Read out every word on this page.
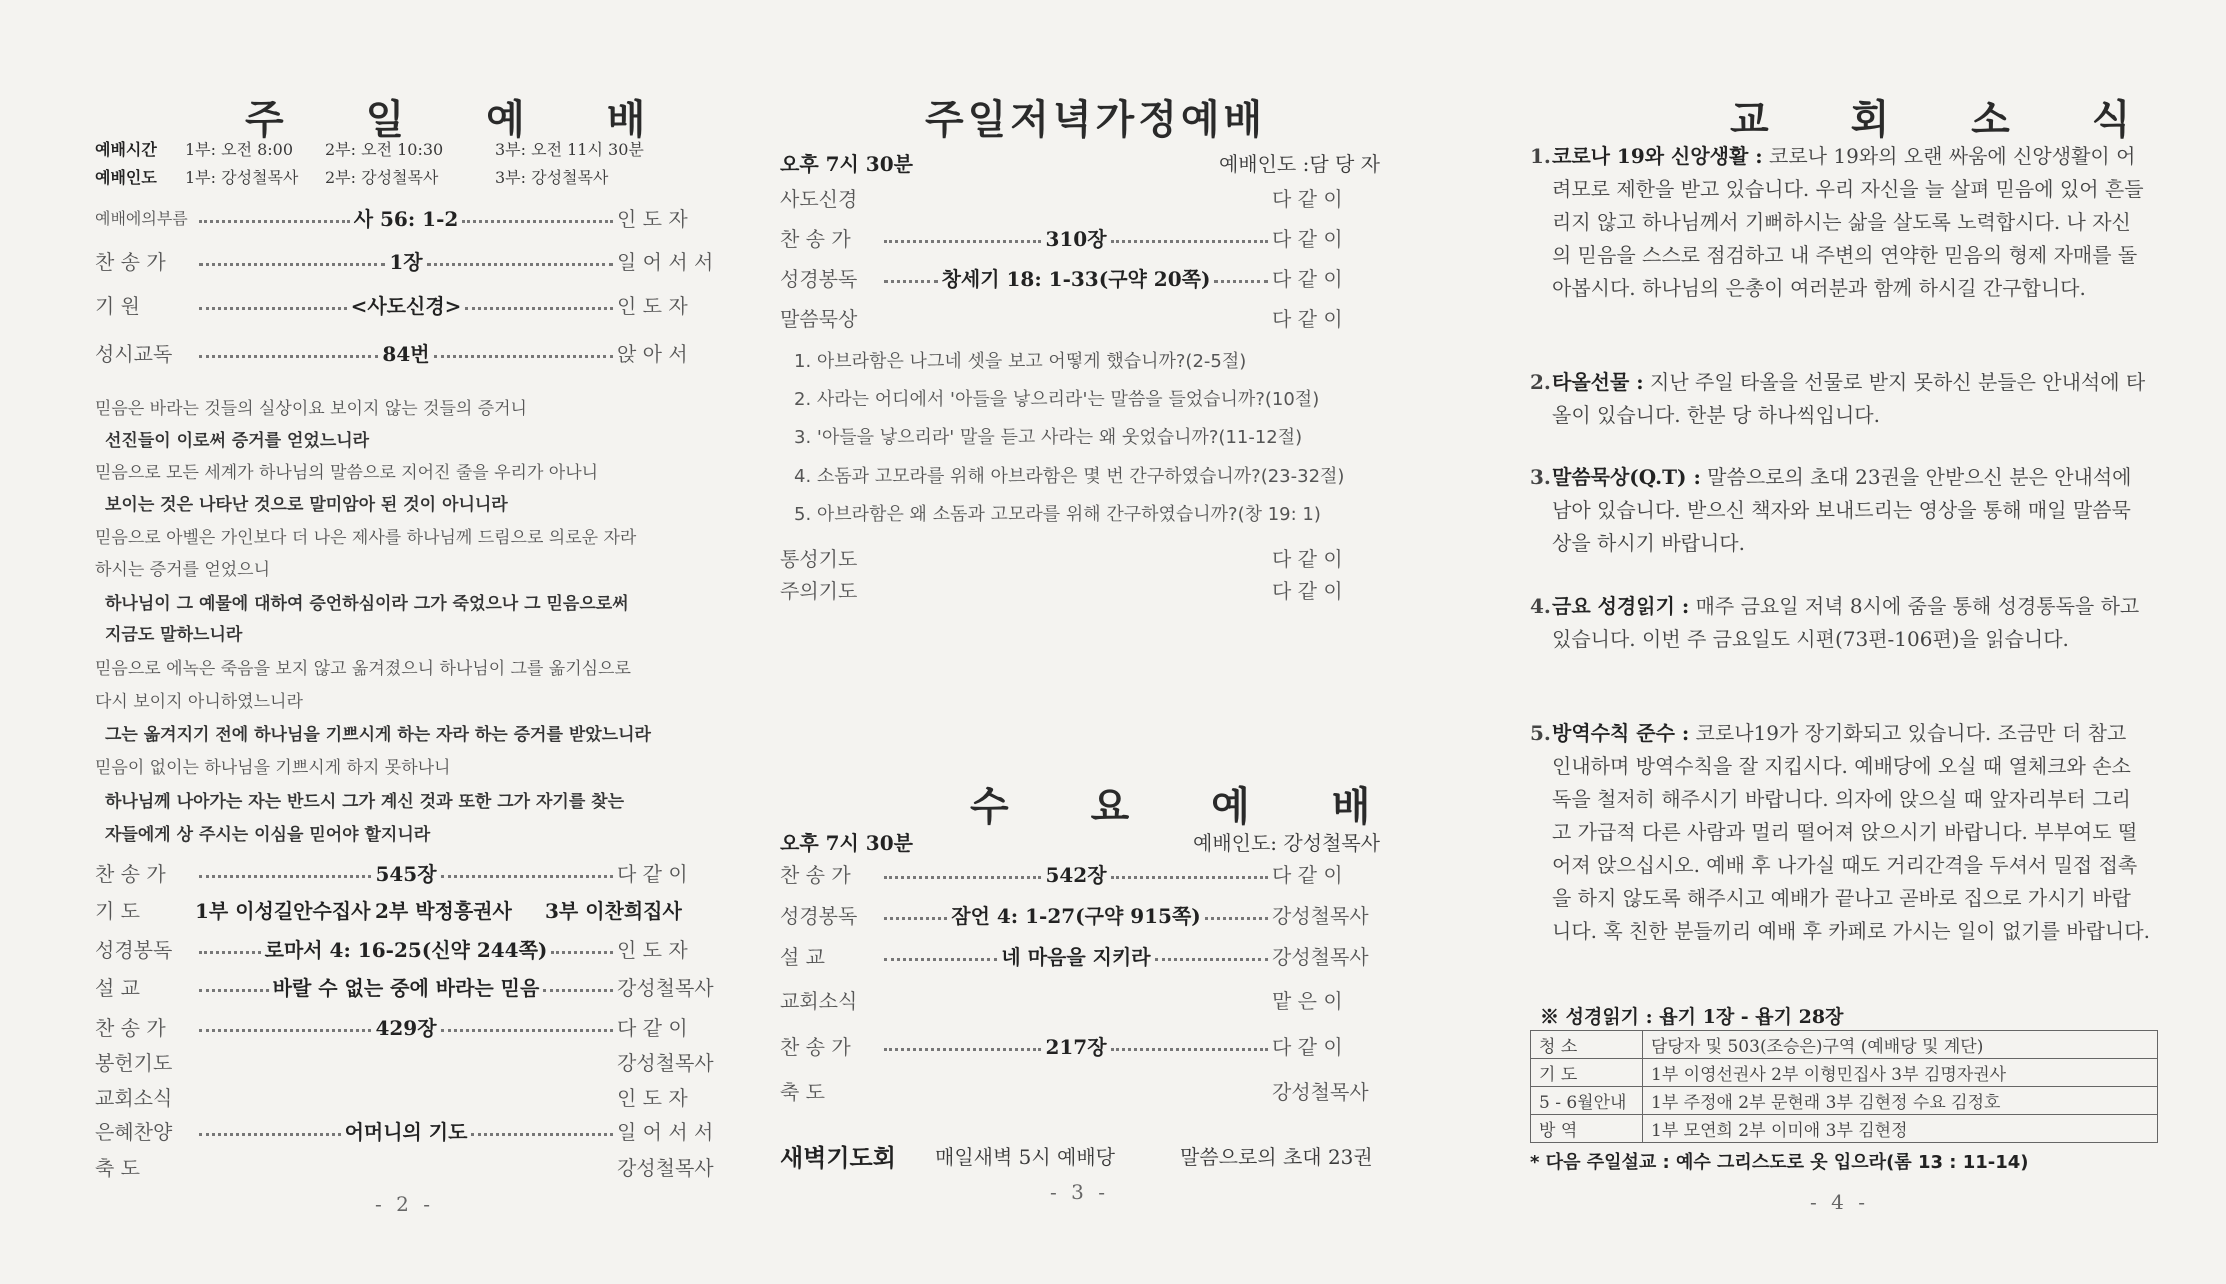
주 일 예 배
예배시간	1부: 오전 8:00	2부: 오전 10:30	3부: 오전 11시 30분
예배인도	1부: 강성철목사	2부: 강성철목사	3부: 강성철목사
예배에의부름	사 56: 1-2	인 도 자
찬 송 가	1장	일 어 서 서
기 원	<사도신경>	인 도 자
성시교독	84번	앉 아 서
믿음은 바라는 것들의 실상이요 보이지 않는 것들의 증거니
선진들이 이로써 증거를 얻었느니라
믿음으로 모든 세계가 하나님의 말씀으로 지어진 줄을 우리가 아나니
보이는 것은 나타난 것으로 말미암아 된 것이 아니니라
믿음으로 아벨은 가인보다 더 나은 제사를 하나님께 드림으로 의로운 자라
하시는 증거를 얻었으니
하나님이 그 예물에 대하여 증언하심이라 그가 죽었으나 그 믿음으로써
지금도 말하느니라
믿음으로 에녹은 죽음을 보지 않고 옮겨졌으니 하나님이 그를 옮기심으로
다시 보이지 아니하였느니라
그는 옮겨지기 전에 하나님을 기쁘시게 하는 자라 하는 증거를 받았느니라
믿음이 없이는 하나님을 기쁘시게 하지 못하나니
하나님께 나아가는 자는 반드시 그가 계신 것과 또한 그가 자기를 찾는
자들에게 상 주시는 이심을 믿어야 할지니라
찬 송 가	545장	다 같 이
기 도	1부 이성길안수집사 2부 박정흥권사	3부 이찬희집사
성경봉독	로마서 4: 16-25(신약 244쪽)	인 도 자
설 교	바랄 수 없는 중에 바라는 믿음	강성철목사
찬 송 가	429장	다 같 이
봉헌기도	강성철목사
교회소식	인 도 자
은혜찬양	어머니의 기도	일 어 서 서
축 도	강성철목사
- 2 -
주일저녁가정예배
오후 7시 30분	예배인도 :담 당 자
사도신경	다 같 이
찬 송 가	310장	다 같 이
성경봉독	창세기 18: 1-33(구약 20쪽)	다 같 이
말씀묵상	다 같 이
1. 아브라함은 나그네 셋을 보고 어떻게 했습니까?(2-5절)
2. 사라는 어디에서 '아들을 낳으리라'는 말씀을 들었습니까?(10절)
3. '아들을 낳으리라' 말을 듣고 사라는 왜 웃었습니까?(11-12절)
4. 소돔과 고모라를 위해 아브라함은 몇 번 간구하였습니까?(23-32절)
5. 아브라함은 왜 소돔과 고모라를 위해 간구하였습니까?(창 19: 1)
통성기도	다 같 이
주의기도	다 같 이
수 요 예 배
오후 7시 30분	예배인도: 강성철목사
찬 송 가	542장	다 같 이
성경봉독	잠언 4: 1-27(구약 915쪽)	강성철목사
설 교	네 마음을 지키라	강성철목사
교회소식	맡 은 이
찬 송 가	217장	다 같 이
축 도	강성철목사
새벽기도회	매일새벽 5시 예배당	말씀으로의 초대 23권
- 3 -
교 회 소 식
1. 코로나 19와 신앙생활 : 코로나 19와의 오랜 싸움에 신앙생활이 어려모로 제한을 받고 있습니다. 우리 자신을 늘 살펴 믿음에 있어 흔들리지 않고 하나님께서 기뻐하시는 삶을 살도록 노력합시다. 나 자신의 믿음을 스스로 점검하고 내 주변의 연약한 믿음의 형제 자매를 돌아봅시다. 하나님의 은총이 여러분과 함께 하시길 간구합니다.
2. 타올선물 : 지난 주일 타올을 선물로 받지 못하신 분들은 안내석에 타올이 있습니다. 한분 당 하나씩입니다.
3. 말씀묵상(Q.T) : 말씀으로의 초대 23권을 안받으신 분은 안내석에 남아 있습니다. 받으신 책자와 보내드리는 영상을 통해 매일 말씀묵상을 하시기 바랍니다.
4. 금요 성경읽기 : 매주 금요일 저녁 8시에 줌을 통해 성경통독을 하고 있습니다. 이번 주 금요일도 시편(73편-106편)을 읽습니다.
5. 방역수칙 준수 : 코로나19가 장기화되고 있습니다. 조금만 더 참고 인내하며 방역수칙을 잘 지킵시다. 예배당에 오실 때 열체크와 손소독을 철저히 해주시기 바랍니다. 의자에 앉으실 때 앞자리부터 그리고 가급적 다른 사람과 멀리 떨어져 앉으시기 바랍니다. 부부여도 떨어져 앉으십시오. 예배 후 나가실 때도 거리간격을 두셔서 밀접 접촉을 하지 않도록 해주시고 예배가 끝나고 곧바로 집으로 가시기 바랍니다. 혹 친한 분들끼리 예배 후 카페로 가시는 일이 없기를 바랍니다.
※ 성경읽기 : 욥기 1장 - 욥기 28장
청 소	담당자 및 503(조승은)구역 (예배당 및 계단)
기 도	1부 이영선권사 2부 이형민집사 3부 김명자권사
5 - 6월안내	1부 주정애 2부 문현래 3부 김현정 수요 김정호
방 역	1부 모연희 2부 이미애 3부 김현정
* 다음 주일설교 : 예수 그리스도로 옷 입으라(롬 13 : 11-14)
- 4 -
